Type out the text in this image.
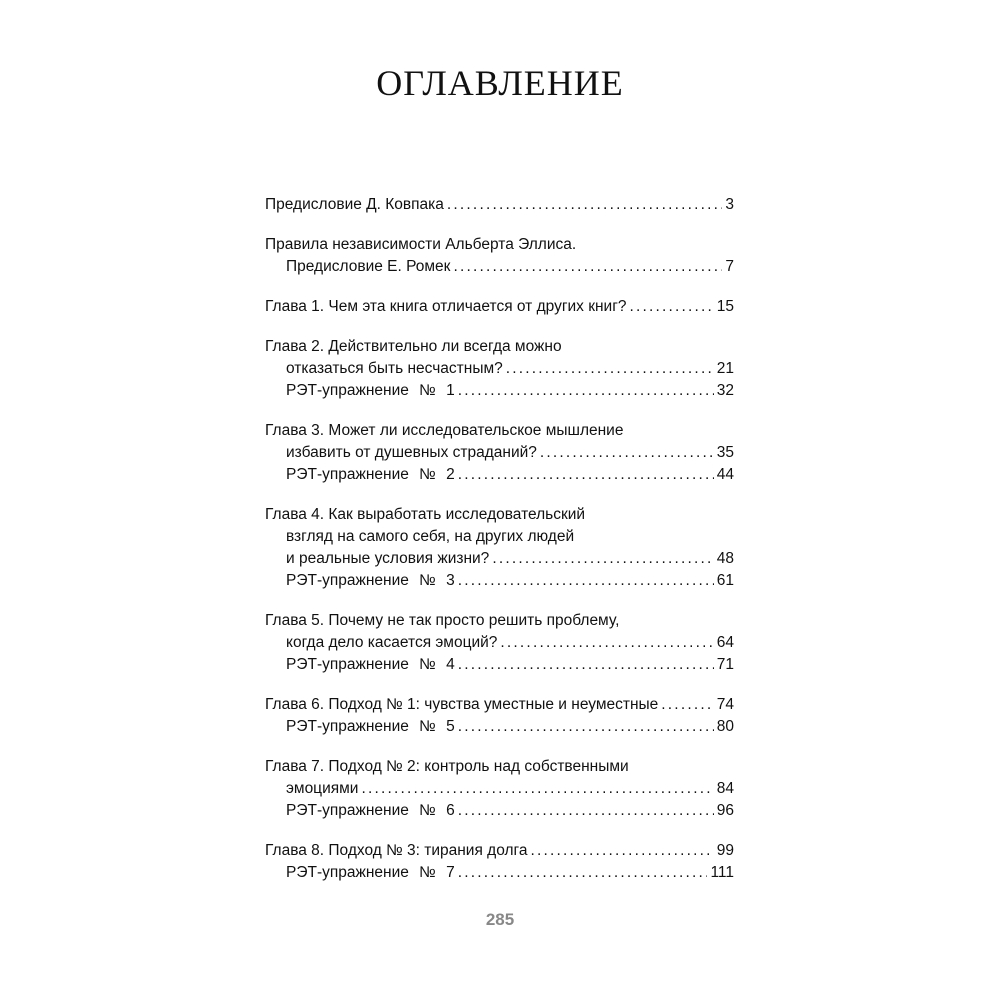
ОГЛАВЛЕНИЕ
Предисловие Д. Ковпака .....	3
Правила независимости Альберта Эллиса.
Предисловие Е. Ромек .....	7
Глава 1. Чем эта книга отличается от других книг? .....	15
Глава 2. Действительно ли всегда можно
отказаться быть несчастным? .....	21
РЭТ-упражнение № 1 .....	32
Глава 3. Может ли исследовательское мышление
избавить от душевных страданий? .....	35
РЭТ-упражнение № 2 .....	44
Глава 4. Как выработать исследовательский
взгляд на самого себя, на других людей
и реальные условия жизни? .....	48
РЭТ-упражнение № 3 .....	61
Глава 5. Почему не так просто решить проблему,
когда дело касается эмоций? .....	64
РЭТ-упражнение № 4 .....	71
Глава 6. Подход № 1: чувства уместные и неуместные .....	74
РЭТ-упражнение № 5 .....	80
Глава 7. Подход № 2: контроль над собственными
эмоциями .....	84
РЭТ-упражнение № 6 .....	96
Глава 8. Подход № 3: тирания долга .....	99
РЭТ-упражнение № 7 .....	111
285
